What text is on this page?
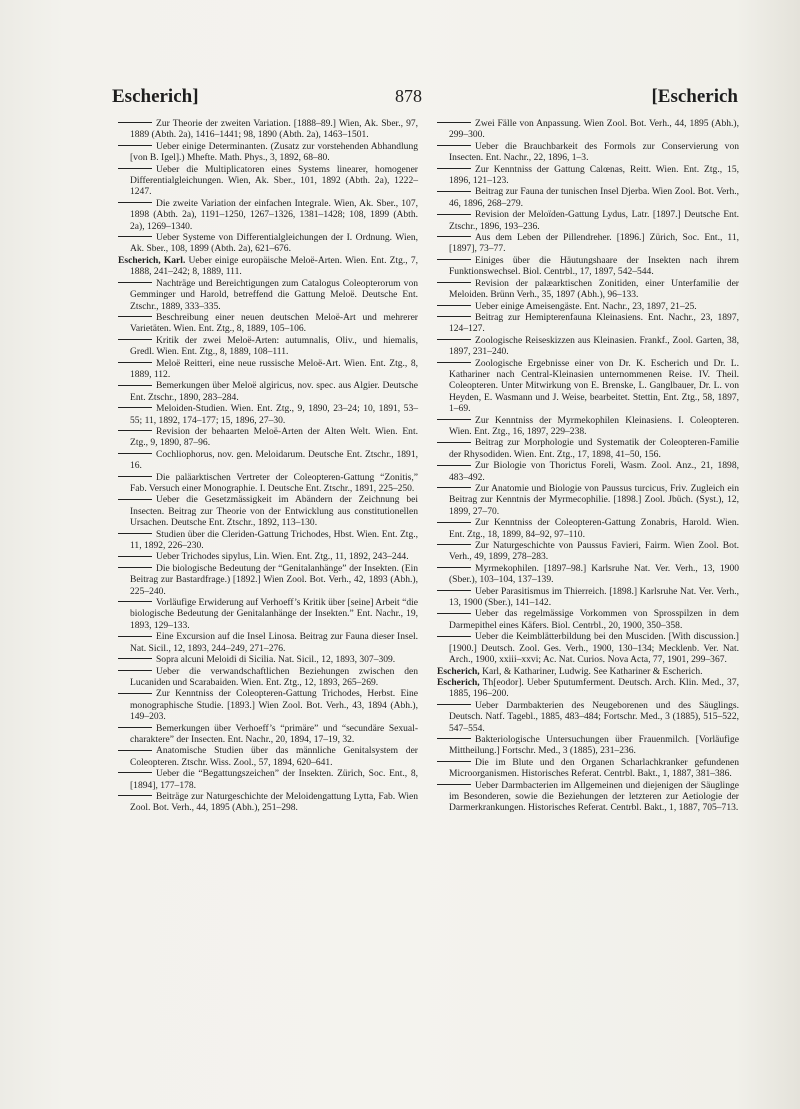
Escherich]	878	[Escherich

Zur Theorie der zweiten Variation. [1888–89.] Wien, Ak. Sber., 97, 1889 (Abth. 2a), 1416–1441; 98, 1890 (Abth. 2a), 1463–1501.

Ueber einige Determinanten. (Zusatz zur vorstehenden Abhandlung [von B. Igel].) Mhefte. Math. Phys., 3, 1892, 68–80.

Ueber die Multiplicatoren eines Systems linearer, homogener Differentialgleichungen. Wien, Ak. Sber., 101, 1892 (Abth. 2a), 1222–1247.

Die zweite Variation der einfachen Integrale. Wien, Ak. Sber., 107, 1898 (Abth. 2a), 1191–1250, 1267–1326, 1381–1428; 108, 1899 (Abth. 2a), 1269–1340.

Ueber Systeme von Differentialgleichungen der I. Ordnung. Wien, Ak. Sber., 108, 1899 (Abth. 2a), 621–676.

Escherich, Karl. Ueber einige europäische Meloë-Arten. Wien. Ent. Ztg., 7, 1888, 241–242; 8, 1889, 111.

Nachträge und Bereichtigungen zum Catalogus Coleopterorum von Gemminger und Harold, betreffend die Gattung Meloë. Deutsche Ent. Ztschr., 1889, 333–335.

Beschreibung einer neuen deutschen Meloë-Art und mehrerer Varietäten. Wien. Ent. Ztg., 8, 1889, 105–106.

Kritik der zwei Meloë-Arten: autumnalis, Oliv., und hiemalis, Gredl. Wien. Ent. Ztg., 8, 1889, 108–111.

Meloë Reitteri, eine neue russische Meloë-Art. Wien. Ent. Ztg., 8, 1889, 112.

Bemerkungen über Meloë algiricus, nov. spec. aus Algier. Deutsche Ent. Ztschr., 1890, 283–284.

Meloiden-Studien. Wien. Ent. Ztg., 9, 1890, 23–24; 10, 1891, 53–55; 11, 1892, 174–177; 15, 1896, 27–30.

Revision der behaarten Meloë-Arten der Alten Welt. Wien. Ent. Ztg., 9, 1890, 87–96.

Cochliophorus, nov. gen. Meloidarum. Deutsche Ent. Ztschr., 1891, 16.

Die paläarktischen Vertreter der Coleopteren-Gattung “Zonitis,” Fab. Versuch einer Monographie. I. Deutsche Ent. Ztschr., 1891, 225–250.

Ueber die Gesetzmässigkeit im Abändern der Zeichnung bei Insecten. Beitrag zur Theorie von der Entwicklung aus constitutionellen Ursachen. Deutsche Ent. Ztschr., 1892, 113–130.

Studien über die Cleriden-Gattung Trichodes, Hbst. Wien. Ent. Ztg., 11, 1892, 226–230.

Ueber Trichodes sipylus, Lin. Wien. Ent. Ztg., 11, 1892, 243–244.

Die biologische Bedeutung der “Genitalanhänge” der Insekten. (Ein Beitrag zur Bastardfrage.) [1892.] Wien Zool. Bot. Verh., 42, 1893 (Abh.), 225–240.

Vorläufige Erwiderung auf Verhoeff’s Kritik über [seine] Arbeit “die biologische Bedeutung der Genitalanhänge der Insekten.” Ent. Nachr., 19, 1893, 129–133.

Eine Excursion auf die Insel Linosa. Beitrag zur Fauna dieser Insel. Nat. Sicil., 12, 1893, 244–249, 271–276.

Sopra alcuni Meloidi di Sicilia. Nat. Sicil., 12, 1893, 307–309.

Ueber die verwandschaftlichen Beziehungen zwischen den Lucaniden und Scarabaiden. Wien. Ent. Ztg., 12, 1893, 265–269.

Zur Kenntniss der Coleopteren-Gattung Trichodes, Herbst. Eine monographische Studie. [1893.] Wien Zool. Bot. Verh., 43, 1894 (Abh.), 149–203.

Bemerkungen über Verhoeff’s “primäre” und “secundäre Sexual-charaktere” der Insecten. Ent. Nachr., 20, 1894, 17–19, 32.

Anatomische Studien über das männliche Genitalsystem der Coleopteren. Ztschr. Wiss. Zool., 57, 1894, 620–641.

Ueber die “Begattungszeichen” der Insekten. Zürich, Soc. Ent., 8, [1894], 177–178.

Beiträge zur Naturgeschichte der Meloidengattung Lytta, Fab. Wien Zool. Bot. Verh., 44, 1895 (Abh.), 251–298.

Zwei Fälle von Anpassung. Wien Zool. Bot. Verh., 44, 1895 (Abh.), 299–300.

Ueber die Brauchbarkeit des Formols zur Conservierung von Insecten. Ent. Nachr., 22, 1896, 1–3.

Zur Kenntniss der Gattung Calœnas, Reitt. Wien. Ent. Ztg., 15, 1896, 121–123.

Beitrag zur Fauna der tunischen Insel Djerba. Wien Zool. Bot. Verh., 46, 1896, 268–279.

Revision der Meloïden-Gattung Lydus, Latr. [1897.] Deutsche Ent. Ztschr., 1896, 193–236.

Aus dem Leben der Pillendreher. [1896.] Zürich, Soc. Ent., 11, [1897], 73–77.

Einiges über die Häutungshaare der Insekten nach ihrem Funktionswechsel. Biol. Centrbl., 17, 1897, 542–544.

Revision der palæarktischen Zonitiden, einer Unterfamilie der Meloiden. Brünn Verh., 35, 1897 (Abh.), 96–133.

Ueber einige Ameisengäste. Ent. Nachr., 23, 1897, 21–25.

Beitrag zur Hemipterenfauna Kleinasiens. Ent. Nachr., 23, 1897, 124–127.

Zoologische Reiseskizzen aus Kleinasien. Frankf., Zool. Garten, 38, 1897, 231–240.

Zoologische Ergebnisse einer von Dr. K. Escherich und Dr. L. Kathariner nach Central-Kleinasien unternommenen Reise. IV. Theil. Coleopteren. Unter Mitwirkung von E. Brenske, L. Ganglbauer, Dr. L. von Heyden, E. Wasmann und J. Weise, bearbeitet. Stettin, Ent. Ztg., 58, 1897, 1–69.

Zur Kenntniss der Myrmekophilen Kleinasiens. I. Coleopteren. Wien. Ent. Ztg., 16, 1897, 229–238.

Beitrag zur Morphologie und Systematik der Coleopteren-Familie der Rhysodiden. Wien. Ent. Ztg., 17, 1898, 41–50, 156.

Zur Biologie von Thorictus Foreli, Wasm. Zool. Anz., 21, 1898, 483–492.

Zur Anatomie und Biologie von Paussus turcicus, Friv. Zugleich ein Beitrag zur Kenntnis der Myrmecophilie. [1898.] Zool. Jbüch. (Syst.), 12, 1899, 27–70.

Zur Kenntniss der Coleopteren-Gattung Zonabris, Harold. Wien. Ent. Ztg., 18, 1899, 84–92, 97–110.

Zur Naturgeschichte von Paussus Favieri, Fairm. Wien Zool. Bot. Verh., 49, 1899, 278–283.

Myrmekophilen. [1897–98.] Karlsruhe Nat. Ver. Verh., 13, 1900 (Sber.), 103–104, 137–139.

Ueber Parasitismus im Thierreich. [1898.] Karlsruhe Nat. Ver. Verh., 13, 1900 (Sber.), 141–142.

Ueber das regelmässige Vorkommen von Sprosspilzen in dem Darmepithel eines Käfers. Biol. Centrbl., 20, 1900, 350–358.

Ueber die Keimblätterbildung bei den Musciden. [With discussion.] [1900.] Deutsch. Zool. Ges. Verh., 1900, 130–134; Mecklenb. Ver. Nat. Arch., 1900, xxiii–xxvi; Ac. Nat. Curios. Nova Acta, 77, 1901, 299–367.

Escherich, Karl, & Kathariner, Ludwig. See Kathariner & Escherich.

Escherich, Th[eodor]. Ueber Sputumferment. Deutsch. Arch. Klin. Med., 37, 1885, 196–200.

Ueber Darmbakterien des Neugeborenen und des Säuglings. Deutsch. Natf. Tagebl., 1885, 483–484; Fortschr. Med., 3 (1885), 515–522, 547–554.

Bakteriologische Untersuchungen über Frauenmilch. [Vorläufige Mittheilung.] Fortschr. Med., 3 (1885), 231–236.

Die im Blute und den Organen Scharlachkranker gefundenen Microorganismen. Historisches Referat. Centrbl. Bakt., 1, 1887, 381–386.

Ueber Darmbacterien im Allgemeinen und diejenigen der Säuglinge im Besonderen, sowie die Beziehungen der letzteren zur Aetiologie der Darmerkrankungen. Historisches Referat. Centrbl. Bakt., 1, 1887, 705–713.
